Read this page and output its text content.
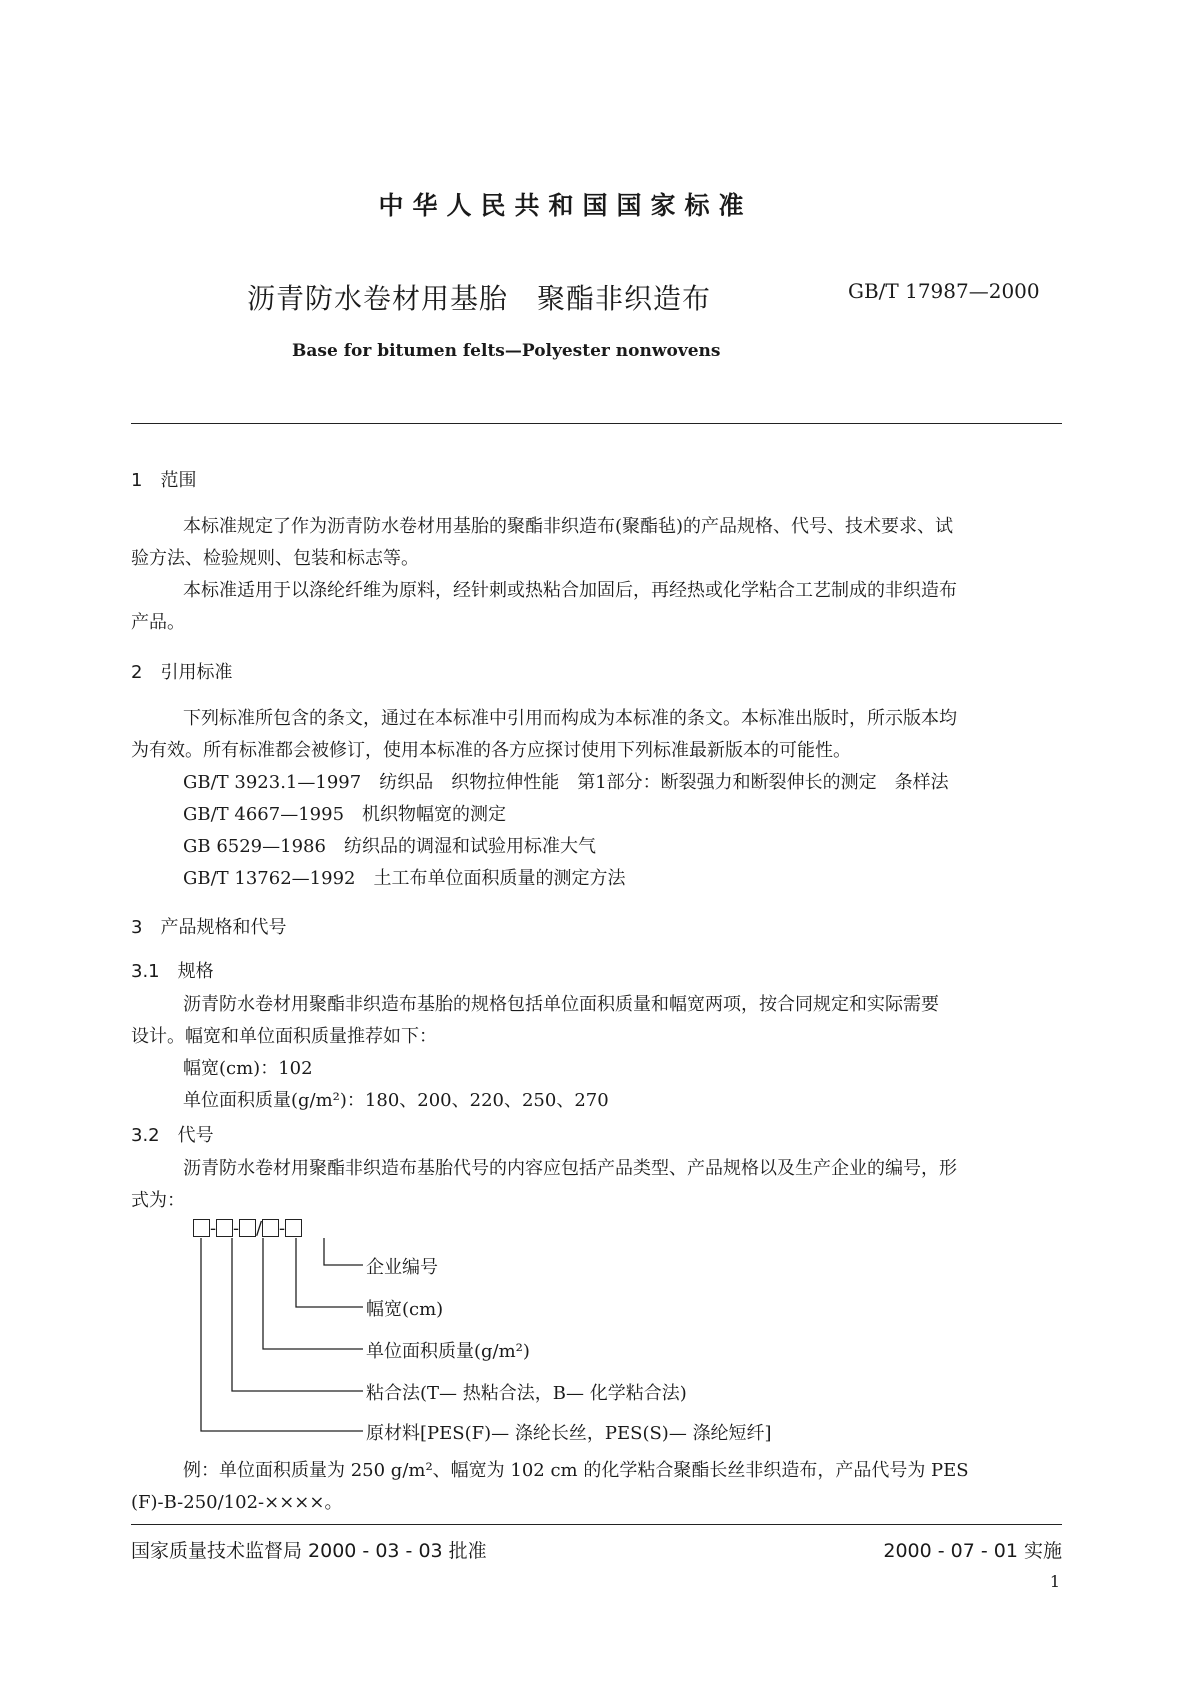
中华人民共和国国家标准
沥青防水卷材用基胎　聚酯非织造布	GB/T 17987—2000
Base for bitumen felts—Polyester nonwovens
1　范围
本标准规定了作为沥青防水卷材用基胎的聚酯非织造布(聚酯毡)的产品规格、代号、技术要求、试
验方法、检验规则、包装和标志等。
本标准适用于以涤纶纤维为原料，经针刺或热粘合加固后，再经热或化学粘合工艺制成的非织造布
产品。
2　引用标准
下列标准所包含的条文，通过在本标准中引用而构成为本标准的条文。本标准出版时，所示版本均
为有效。所有标准都会被修订，使用本标准的各方应探讨使用下列标准最新版本的可能性。
GB/T 3923.1—1997　纺织品　织物拉伸性能　第1部分：断裂强力和断裂伸长的测定　条样法
GB/T 4667—1995　机织物幅宽的测定
GB 6529—1986　纺织品的调湿和试验用标准大气
GB/T 13762—1992　土工布单位面积质量的测定方法
3　产品规格和代号
3.1　规格
沥青防水卷材用聚酯非织造布基胎的规格包括单位面积质量和幅宽两项，按合同规定和实际需要
设计。幅宽和单位面积质量推荐如下：
幅宽(cm)：102
单位面积质量(g/m²)：180、200、220、250、270
3.2　代号
沥青防水卷材用聚酯非织造布基胎代号的内容应包括产品类型、产品规格以及生产企业的编号，形
式为：
- - / -
企业编号
幅宽(cm)
单位面积质量(g/m²)
粘合法(T— 热粘合法，B— 化学粘合法)
原材料[PES(F)— 涤纶长丝，PES(S)— 涤纶短纤]
例：单位面积质量为 250 g/m²、幅宽为 102 cm 的化学粘合聚酯长丝非织造布，产品代号为 PES
(F)-B-250/102-××××。
国家质量技术监督局 2000 - 03 - 03 批准	2000 - 07 - 01 实施
1
